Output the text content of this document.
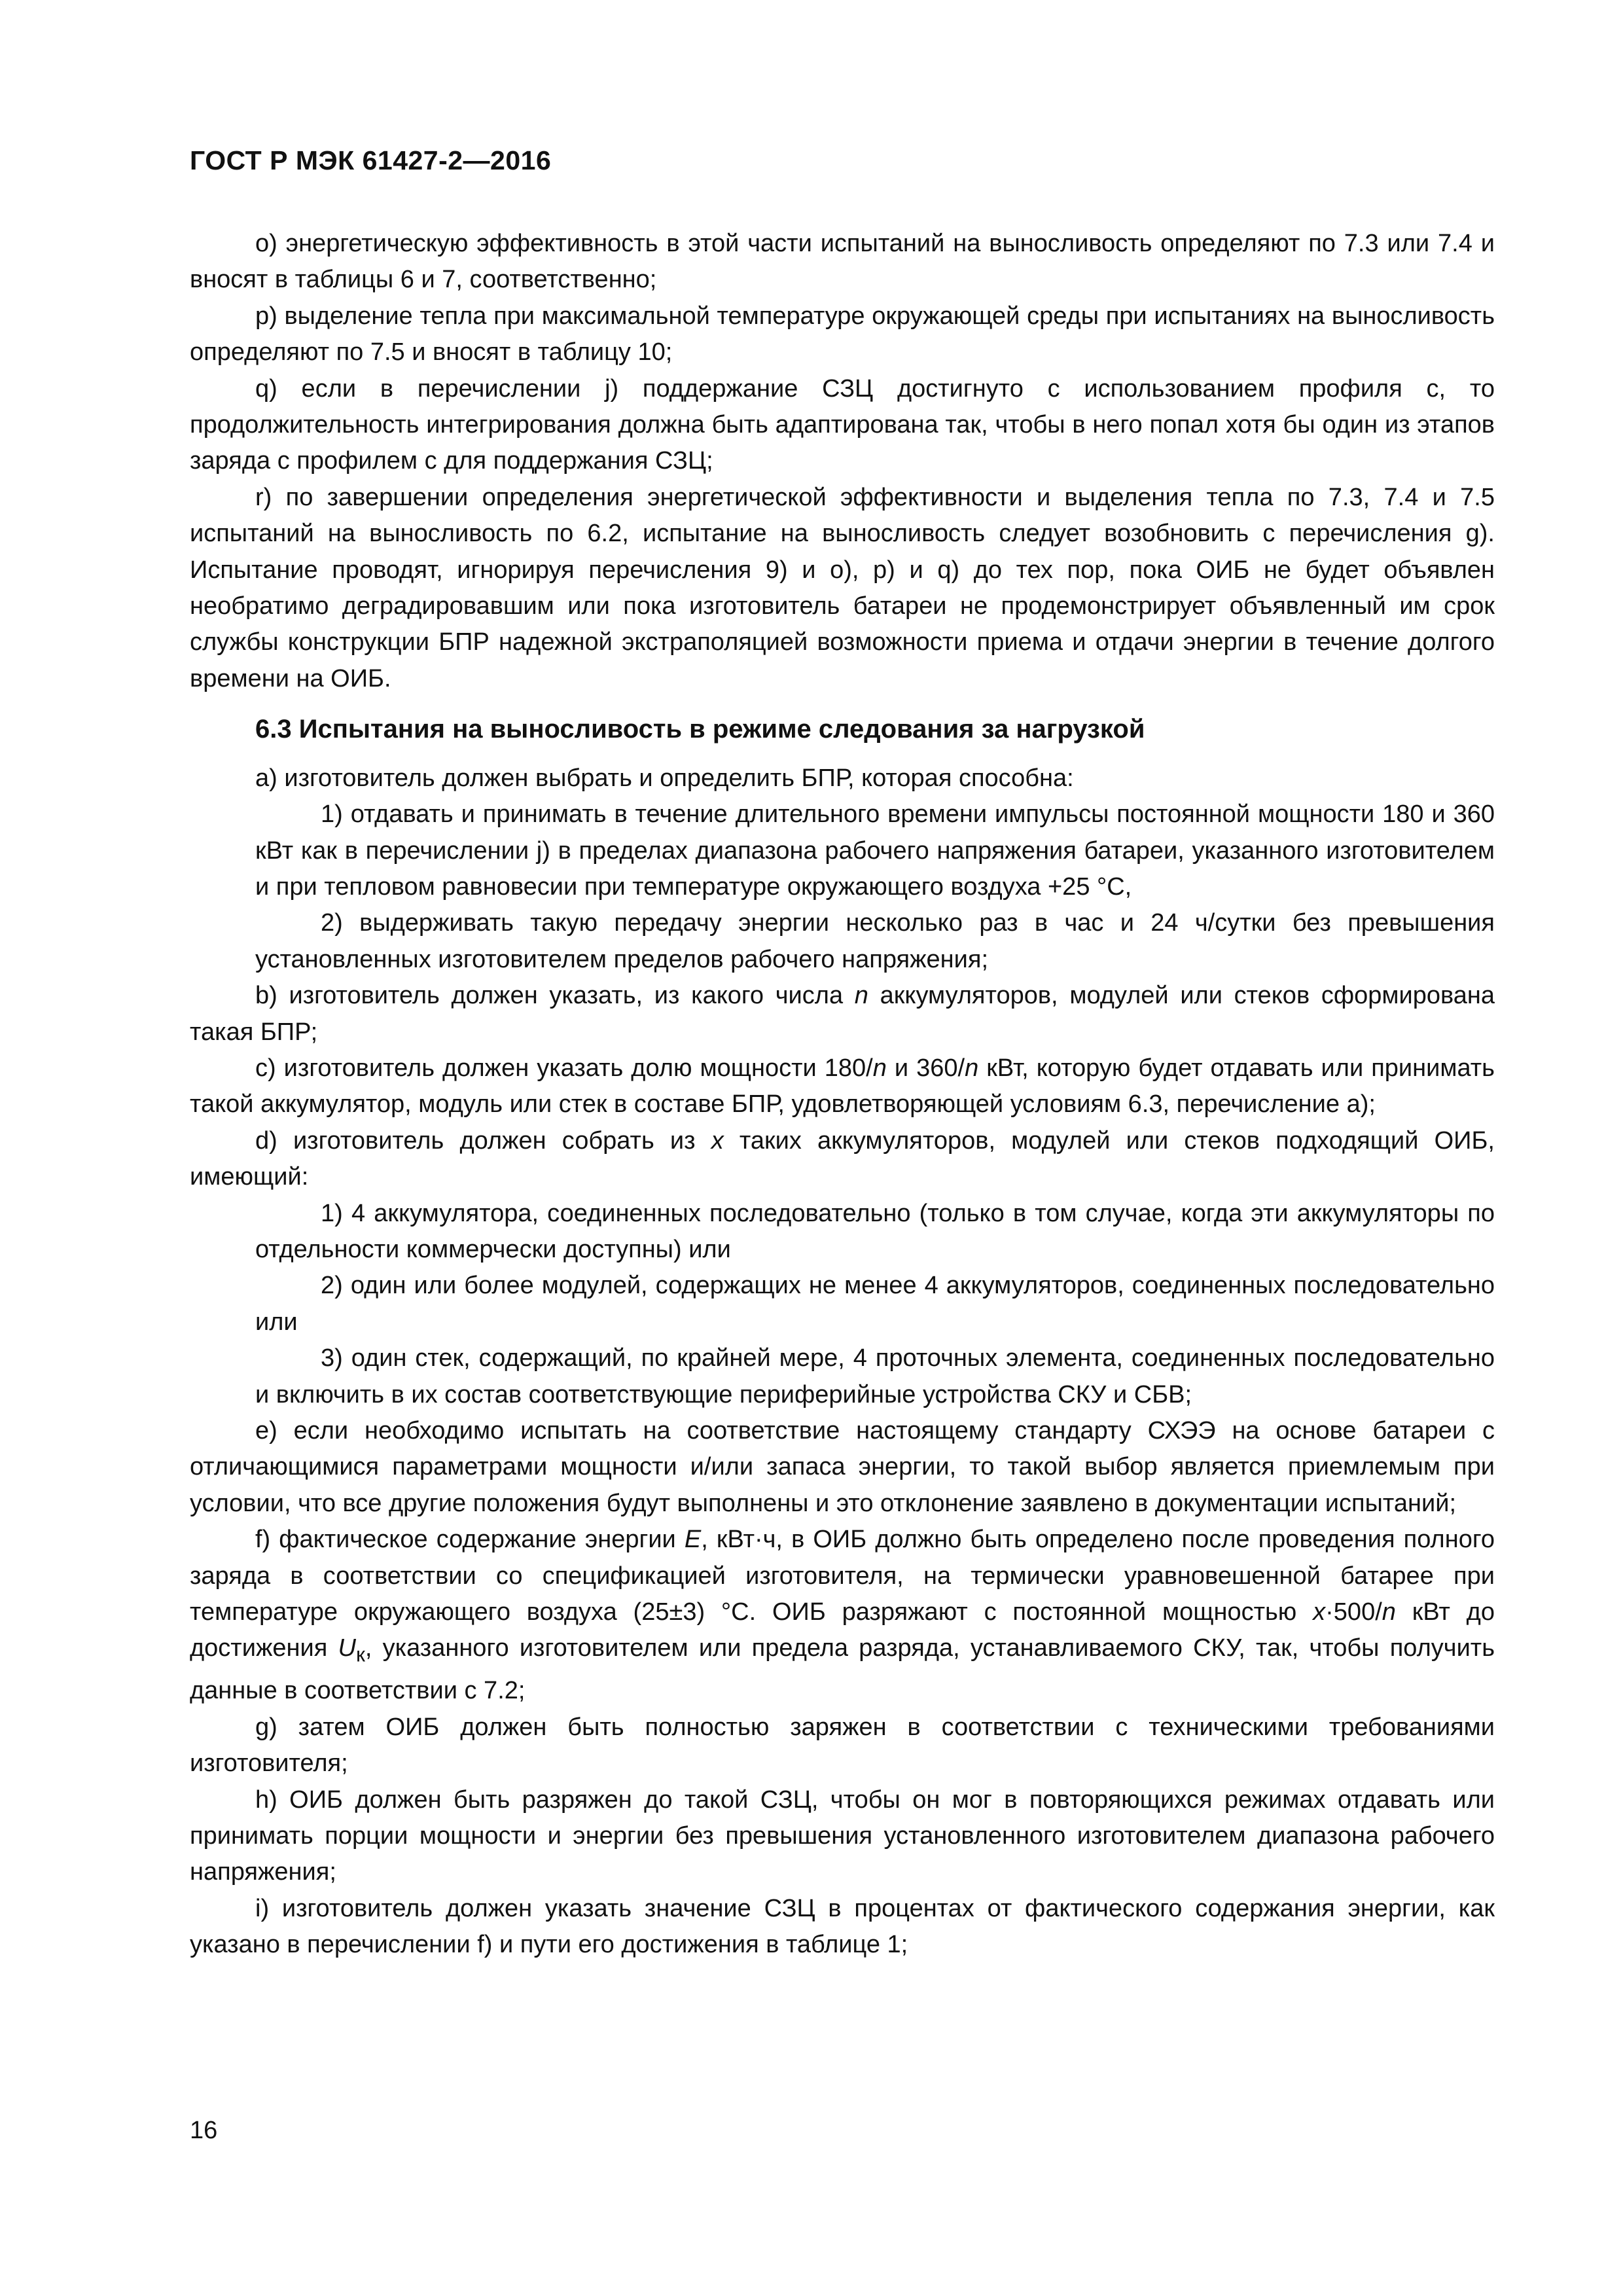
ГОСТ Р МЭК 61427-2—2016

о) энергетическую эффективность в этой части испытаний на выносливость определяют по 7.3 или 7.4 и вносят в таблицы 6 и 7, соответственно;

p) выделение тепла при максимальной температуре окружающей среды при испытаниях на выносливость определяют по 7.5 и вносят в таблицу 10;

q) если в перечислении j) поддержание СЗЦ достигнуто с использованием профиля с, то продолжительность интегрирования должна быть адаптирована так, чтобы в него попал хотя бы один из этапов заряда с профилем с для поддержания СЗЦ;

r) по завершении определения энергетической эффективности и выделения тепла по 7.3, 7.4 и 7.5 испытаний на выносливость по 6.2, испытание на выносливость следует возобновить с перечисления g). Испытание проводят, игнорируя перечисления 9) и о), р) и q) до тех пор, пока ОИБ не будет объявлен необратимо деградировавшим или пока изготовитель батареи не продемонстрирует объявленный им срок службы конструкции БПР надежной экстраполяцией возможности приема и отдачи энергии в течение долгого времени на ОИБ.

6.3 Испытания на выносливость в режиме следования за нагрузкой

а) изготовитель должен выбрать и определить БПР, которая способна:

1) отдавать и принимать в течение длительного времени импульсы постоянной мощности 180 и 360 кВт как в перечислении j) в пределах диапазона рабочего напряжения батареи, указанного изготовителем и при тепловом равновесии при температуре окружающего воздуха +25 °С,

2) выдерживать такую передачу энергии несколько раз в час и 24 ч/сутки без превышения установленных изготовителем пределов рабочего напряжения;

b) изготовитель должен указать, из какого числа n аккумуляторов, модулей или стеков сформирована такая БПР;

с) изготовитель должен указать долю мощности 180/n и 360/n кВт, которую будет отдавать или принимать такой аккумулятор, модуль или стек в составе БПР, удовлетворяющей условиям 6.3, перечисление а);

d) изготовитель должен собрать из x таких аккумуляторов, модулей или стеков подходящий ОИБ, имеющий:

1) 4 аккумулятора, соединенных последовательно (только в том случае, когда эти аккумуляторы по отдельности коммерчески доступны) или

2) один или более модулей, содержащих не менее 4 аккумуляторов, соединенных последовательно или

3) один стек, содержащий, по крайней мере, 4 проточных элемента, соединенных последовательно и включить в их состав соответствующие периферийные устройства СКУ и СБВ;

е) если необходимо испытать на соответствие настоящему стандарту СХЭЭ на основе батареи с отличающимися параметрами мощности и/или запаса энергии, то такой выбор является приемлемым при условии, что все другие положения будут выполнены и это отклонение заявлено в документации испытаний;

f) фактическое содержание энергии E, кВт·ч, в ОИБ должно быть определено после проведения полного заряда в соответствии со спецификацией изготовителя, на термически уравновешенной батарее при температуре окружающего воздуха (25±3) °С. ОИБ разряжают с постоянной мощностью x·500/n кВт до достижения $U_к$, указанного изготовителем или предела разряда, устанавливаемого СКУ, так, чтобы получить данные в соответствии с 7.2;

g) затем ОИБ должен быть полностью заряжен в соответствии с техническими требованиями изготовителя;

h) ОИБ должен быть разряжен до такой СЗЦ, чтобы он мог в повторяющихся режимах отдавать или принимать порции мощности и энергии без превышения установленного изготовителем диапазона рабочего напряжения;

i) изготовитель должен указать значение СЗЦ в процентах от фактического содержания энергии, как указано в перечислении f) и пути его достижения в таблице 1;

16
